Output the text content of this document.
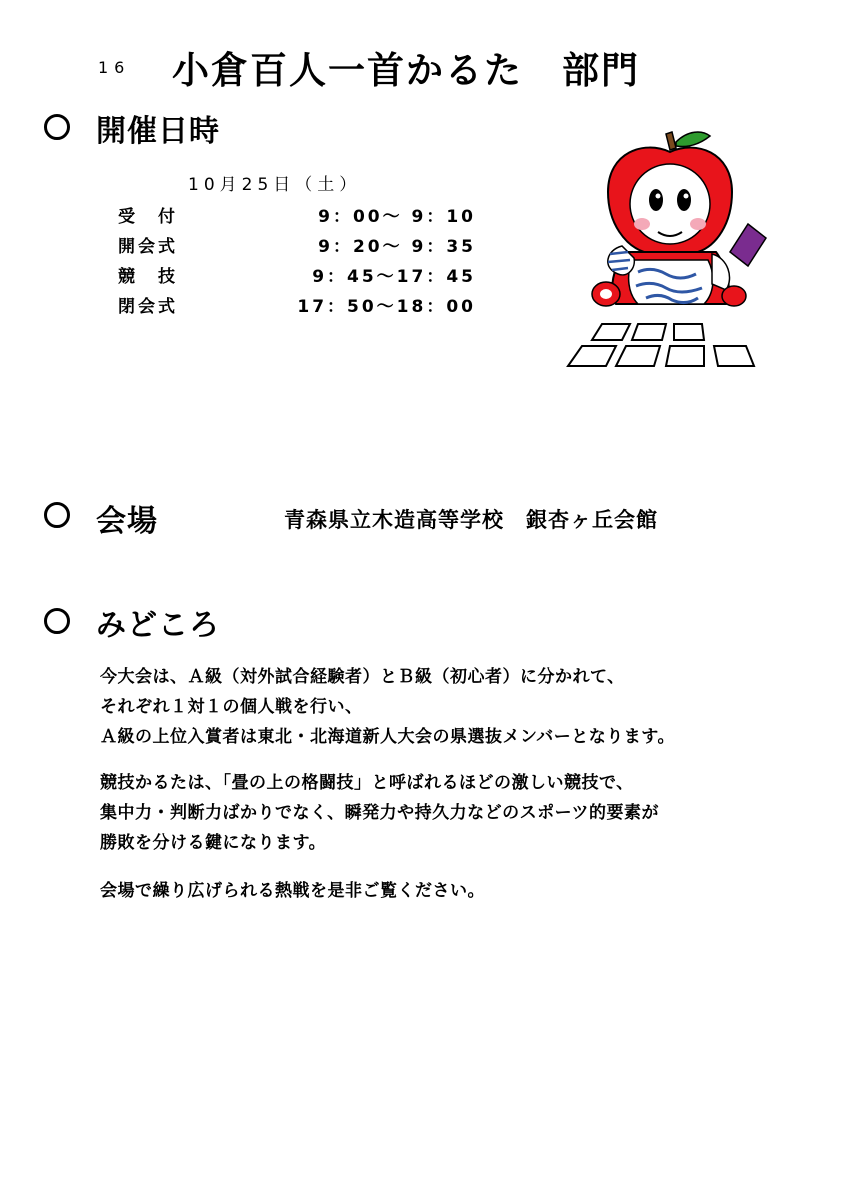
16 小倉百人一首かるた　部門
開催日時
10月25日（土）
受　付	9：00～ 9：10
開会式	9：20～ 9：35
競　技	9：45～17：45
閉会式	17：50～18：00
会場	青森県立木造高等学校　銀杏ヶ丘会館
みどころ
今大会は、Ａ級（対外試合経験者）とＢ級（初心者）に分かれて、
それぞれ１対１の個人戦を行い、
Ａ級の上位入賞者は東北・北海道新人大会の県選抜メンバーとなります。
競技かるたは、「畳の上の格闘技」と呼ばれるほどの激しい競技で、
集中力・判断力ばかりでなく、瞬発力や持久力などのスポーツ的要素が
勝敗を分ける鍵になります。
会場で繰り広げられる熱戦を是非ご覧ください。
